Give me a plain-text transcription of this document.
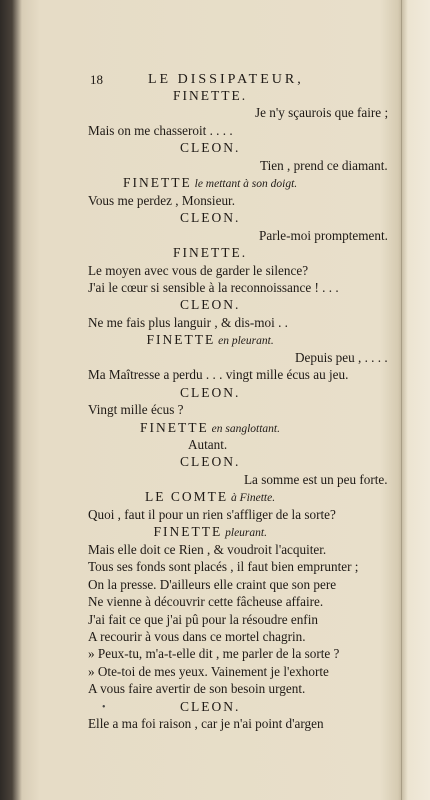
18	LE DISSIPATEUR,
FINETTE.
Je n'y sçaurois que faire ;
Mais on me chasseroit . . . .
CLEON.
Tien , prend ce diamant.
FINETTE le mettant à son doigt.
Vous me perdez , Monsieur.
CLEON.
Parle-moi promptement.
FINETTE.
Le moyen avec vous de garder le silence?
J'ai le cœur si sensible à la reconnoissance ! . . .
CLEON.
Ne me fais plus languir , & dis-moi . .
FINETTE en pleurant.
Depuis peu , . . . .
Ma Maîtresse a perdu . . . vingt mille écus au jeu.
CLEON.
Vingt mille écus ?
FINETTE en sanglottant.
Autant.
CLEON.
La somme est un peu forte.
LE COMTE à Finette.
Quoi , faut il pour un rien s'affliger de la sorte?
FINETTE pleurant.
Mais elle doit ce Rien , & voudroit l'acquiter.
Tous ses fonds sont placés , il faut bien emprunter ;
On la presse. D'ailleurs elle craint que son pere
Ne vienne à découvrir cette fâcheuse affaire.
J'ai fait ce que j'ai pû pour la résoudre enfin
A recourir à vous dans ce mortel chagrin.
» Peux-tu, m'a-t-elle dit , me parler de la sorte ?
» Ote-toi de mes yeux. Vainement je l'exhorte
A vous faire avertir de son besoin urgent.
CLEON.
Elle a ma foi raison , car je n'ai point d'argen
•
